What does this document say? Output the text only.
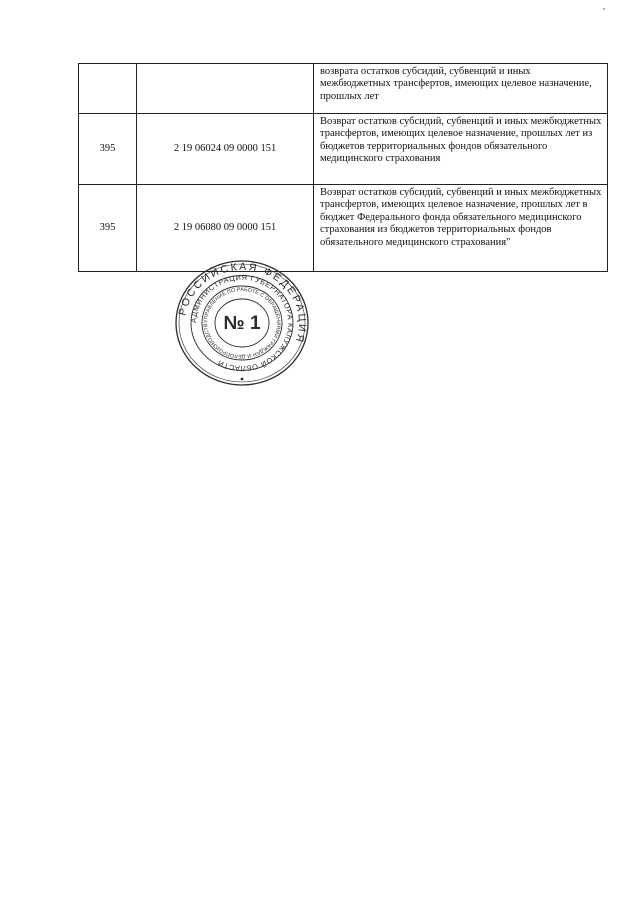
		возврата остатков субсидий, субвенций и иных межбюджетных трансфертов, имеющих целевое назначение, прошлых лет
395	2 19 06024 09 0000 151	Возврат остатков субсидий, субвенций и иных межбюджетных трансфертов, имеющих целевое назначение, прошлых лет из бюджетов территориальных фондов обязательного медицинского страхования
395	2 19 06080 09 0000 151	Возврат остатков субсидий, субвенций и иных межбюджетных трансфертов, имеющих целевое назначение, прошлых лет в бюджет Федерального фонда обязательного медицинского страхования из бюджетов территориальных фондов обязательного медицинского страхования"
РОССИЙСКАЯ ФЕДЕРАЦИЯ
АДМИНИСТРАЦИЯ ГУБЕРНАТОРА КАЛУЖСКОЙ ОБЛАСТИ
УПРАВЛЕНИЕ ПО РАБОТЕ С ОБРАЩЕНИЯМИ ГРАЖДАН И ДЕЛОПРОИЗВОДСТВ № 1
